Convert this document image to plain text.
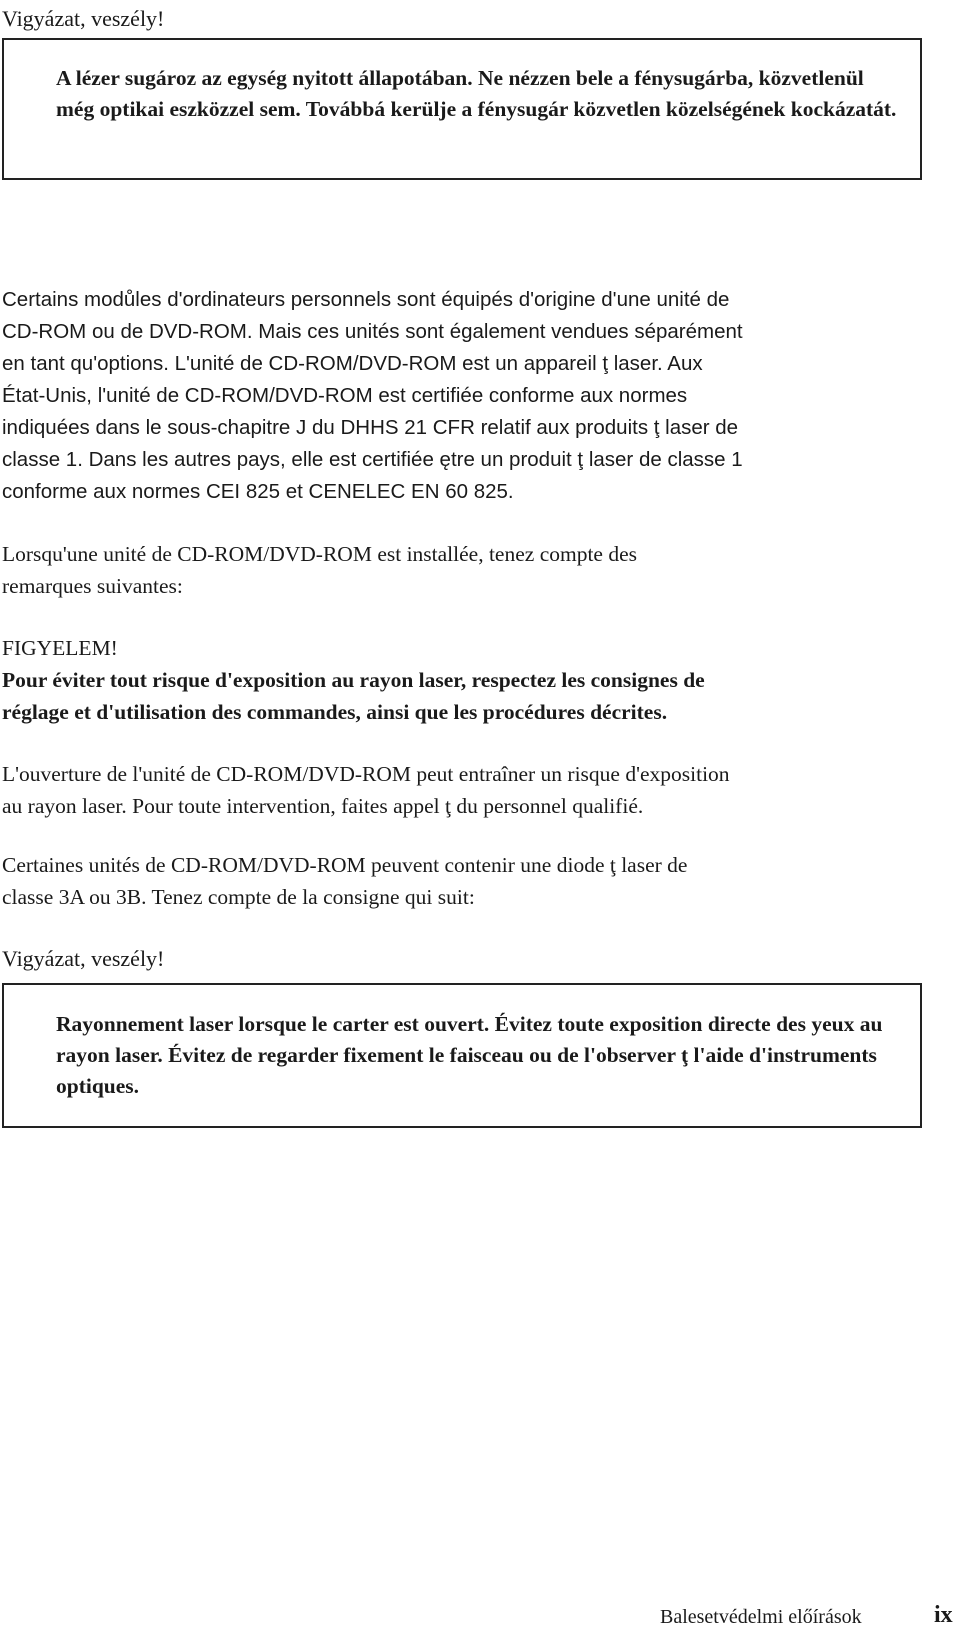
Vigyázat, veszély!

A lézer sugároz az egység nyitott állapotában. Ne nézzen bele a fénysugárba, közvetlenül még optikai eszközzel sem. Továbbá kerülje a fénysugár közvetlen közelségének kockázatát.

Certains modůles d'ordinateurs personnels sont équipés d'origine d'une unité de
CD-ROM ou de DVD-ROM. Mais ces unités sont également vendues séparément
en tant qu'options. L'unité de CD-ROM/DVD-ROM est un appareil ţ laser. Aux
État-Unis, l'unité de CD-ROM/DVD-ROM est certifiée conforme aux normes
indiquées dans le sous-chapitre J du DHHS 21 CFR relatif aux produits ţ laser de
classe 1. Dans les autres pays, elle est certifiée ętre un produit ţ laser de classe 1
conforme aux normes CEI 825 et CENELEC EN 60 825.

Lorsqu'une unité de CD-ROM/DVD-ROM est installée, tenez compte des
remarques suivantes:

FIGYELEM!

Pour éviter tout risque d'exposition au rayon laser, respectez les consignes de
réglage et d'utilisation des commandes, ainsi que les procédures décrites.

L'ouverture de l'unité de CD-ROM/DVD-ROM peut entraîner un risque d'exposition
au rayon laser. Pour toute intervention, faites appel ţ du personnel qualifié.

Certaines unités de CD-ROM/DVD-ROM peuvent contenir une diode ţ laser de
classe 3A ou 3B. Tenez compte de la consigne qui suit:

Vigyázat, veszély!

Rayonnement laser lorsque le carter est ouvert. Évitez toute exposition directe des yeux au rayon laser. Évitez de regarder fixement le faisceau ou de l'observer ţ l'aide d'instruments optiques.

Balesetvédelmi előírások	ix
